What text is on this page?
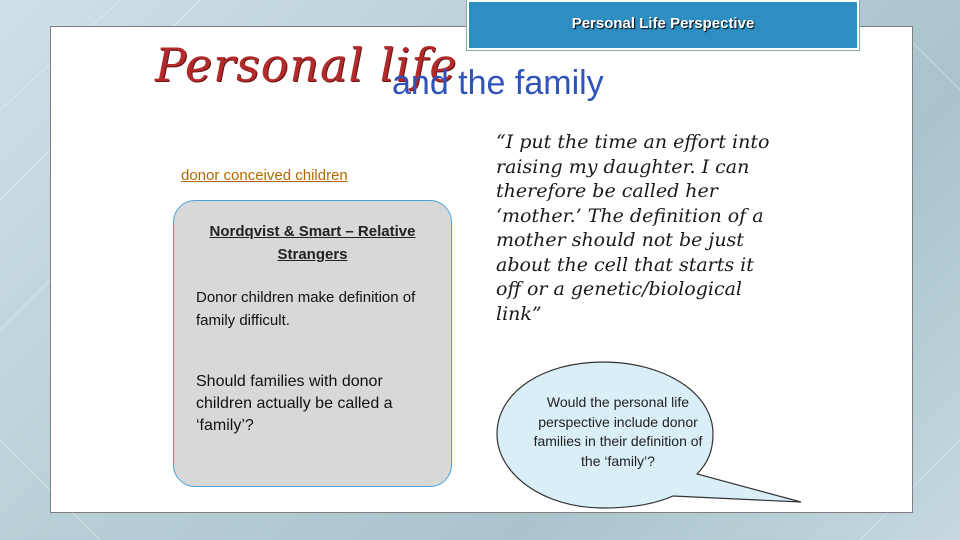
Personal Life Perspective
Personal life
and the family
donor conceived children
Nordqvist & Smart – Relative Strangers
Donor children make definition of family difficult.
Should families with donor children actually be called a ‘family’?
“I put the time an effort into raising my daughter. I can therefore be called her ‘mother.’ The definition of a mother should not be just about the cell that starts it off or a genetic/biological link”
Would the personal life perspective include donor families in their definition of the ‘family’?
